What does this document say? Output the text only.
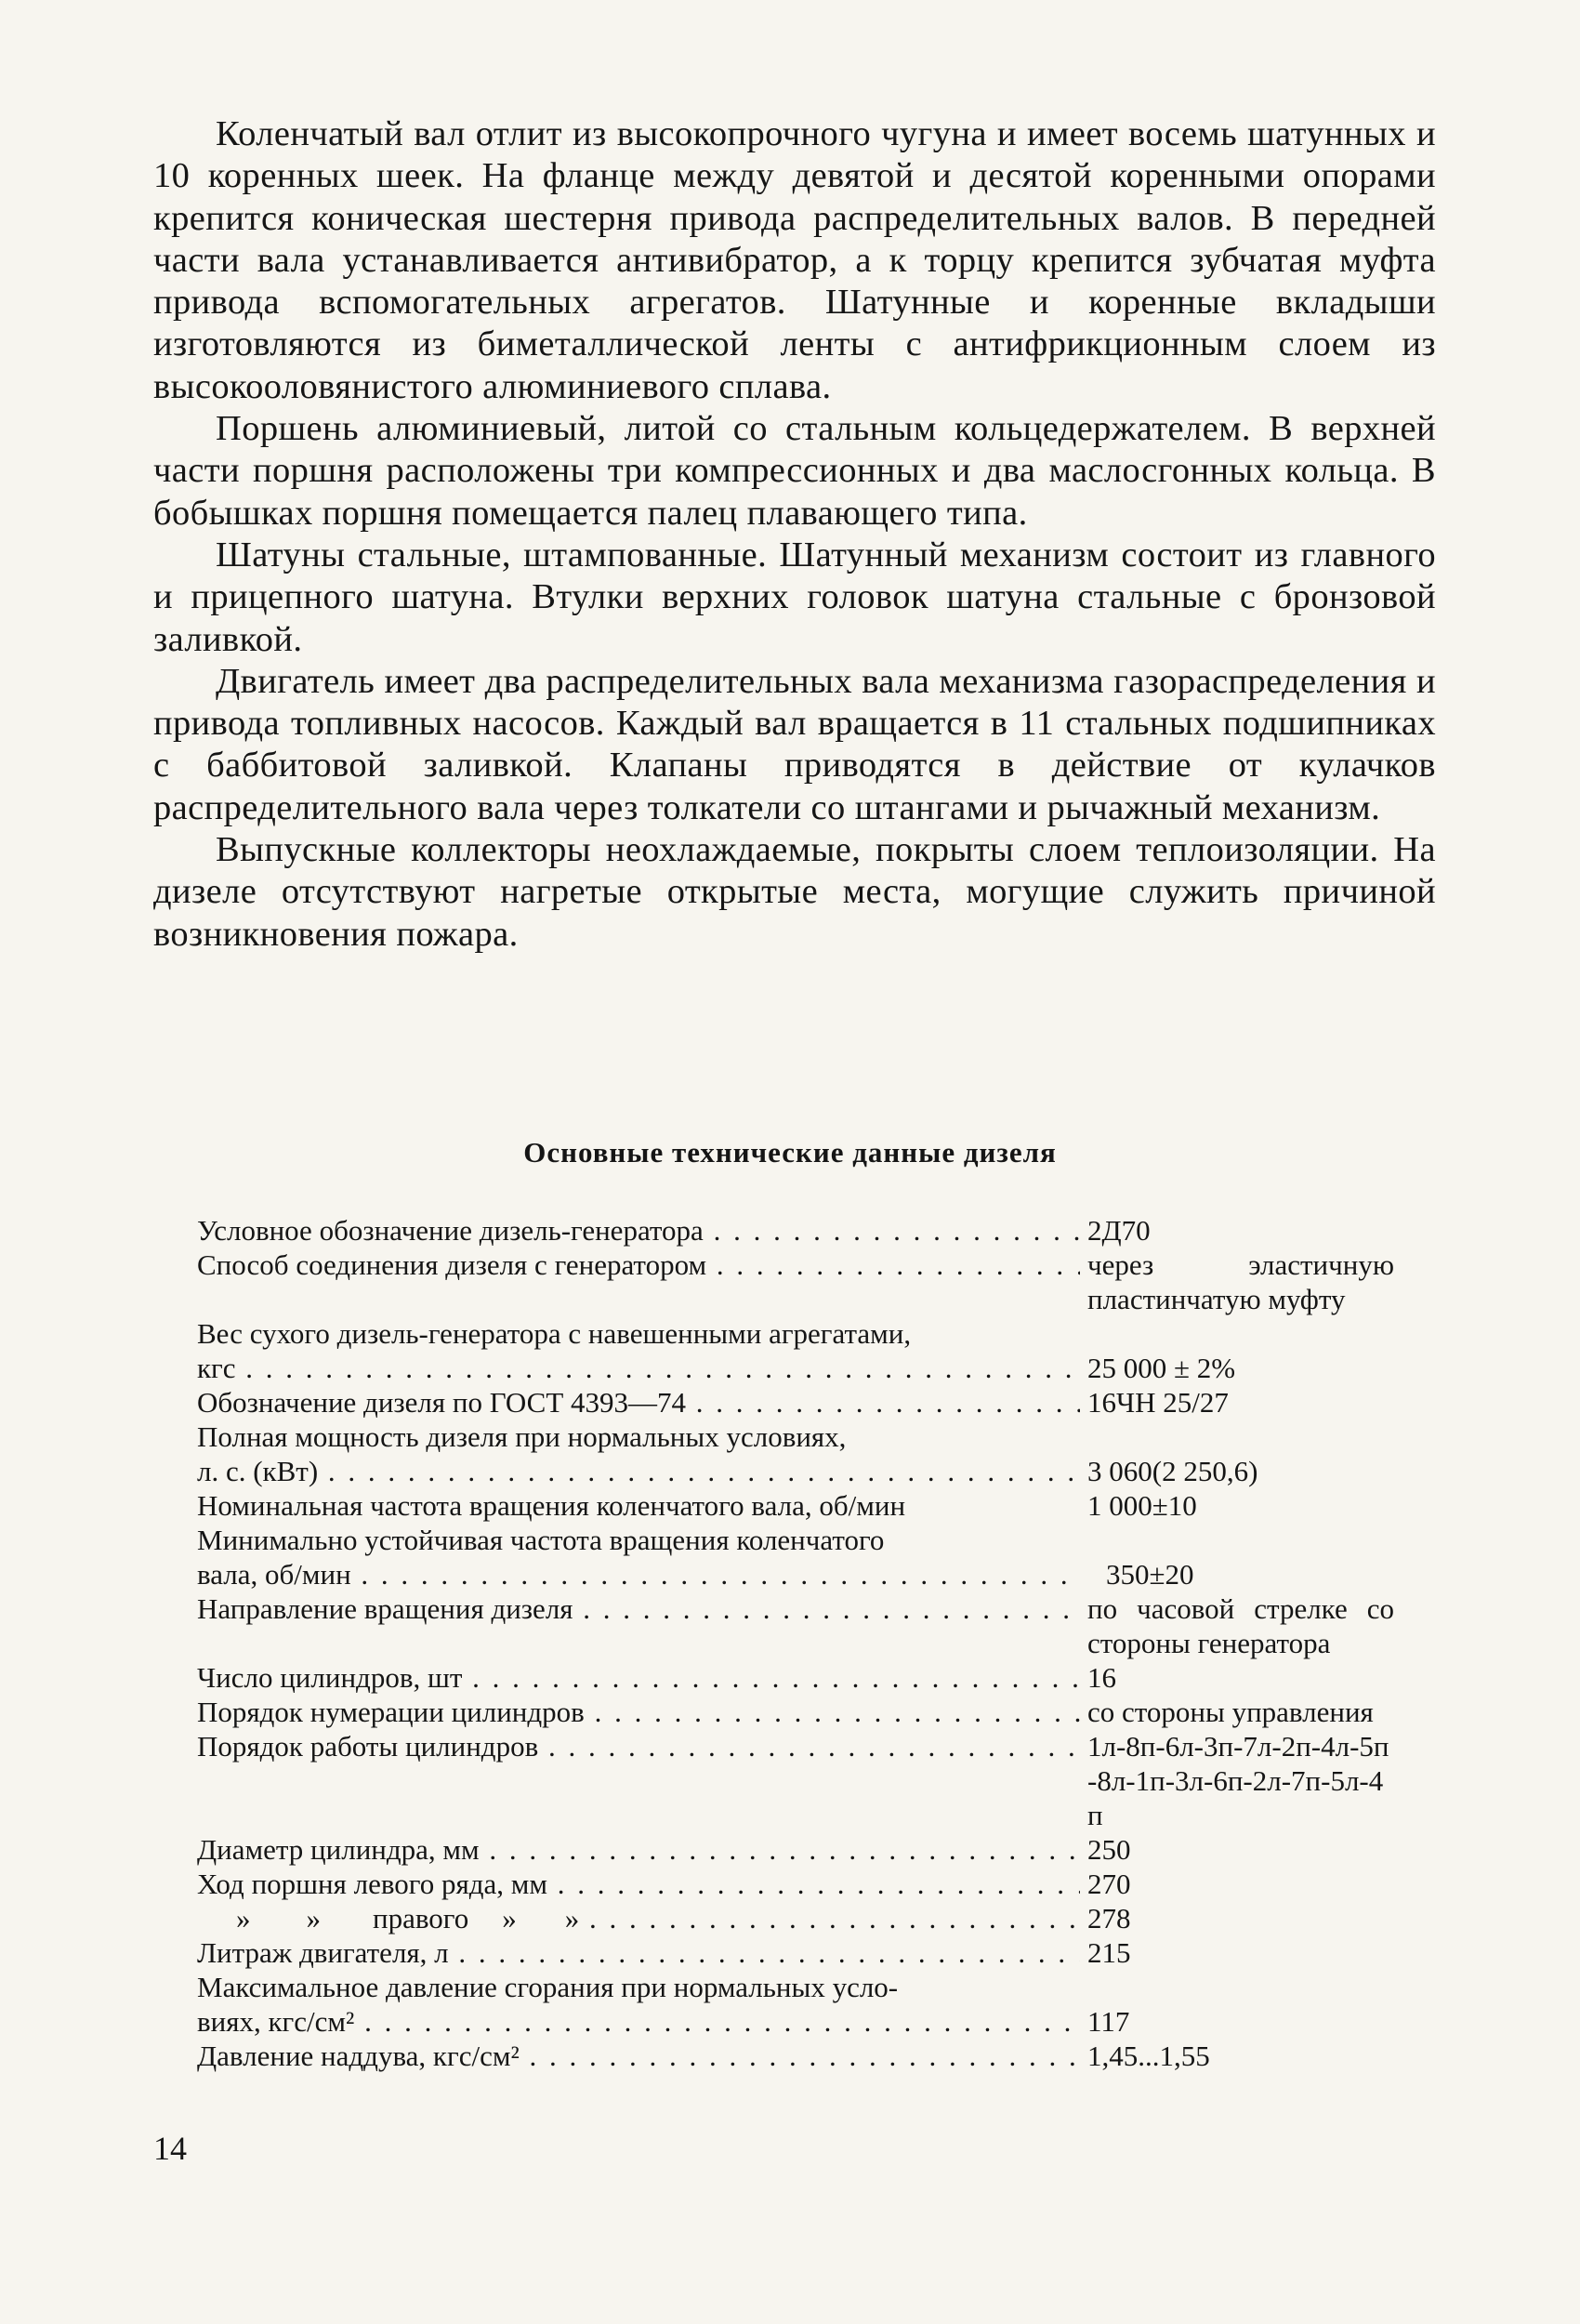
Коленчатый вал отлит из высокопрочного чугуна и имеет восемь шатунных и 10 коренных шеек. На фланце между девятой и десятой коренными опорами крепится коническая шестерня привода распределительных валов. В передней части вала устанавливается антивибратор, а к торцу крепится зубчатая муфта привода вспомогательных агрегатов. Шатунные и коренные вкладыши изготовляются из биметаллической ленты с антифрикционным слоем из высокооловянистого алюминиевого сплава.

Поршень алюминиевый, литой со стальным кольцедержателем. В верхней части поршня расположены три компрессионных и два маслосгонных кольца. В бобышках поршня помещается палец плавающего типа.

Шатуны стальные, штампованные. Шатунный механизм состоит из главного и прицепного шатуна. Втулки верхних головок шатуна стальные с бронзовой заливкой.

Двигатель имеет два распределительных вала механизма газораспределения и привода топливных насосов. Каждый вал вращается в 11 стальных подшипниках с баббитовой заливкой. Клапаны приводятся в действие от кулачков распределительного вала через толкатели со штангами и рычажный механизм.

Выпускные коллекторы неохлаждаемые, покрыты слоем теплоизоляции. На дизеле отсутствуют нагретые открытые места, могущие служить причиной возникновения пожара.

Основные технические данные дизеля
Условное обозначение дизель-генератора . . .	2Д70
Способ соединения дизеля с генератором . . .	через эластичную пластинчатую муфту
Вес сухого дизель-генератора с навешенными агрегатами,
кгс . . .	25 000 ± 2%
Обозначение дизеля по ГОСТ 4393—74 . . .	16ЧН 25/27
Полная мощность дизеля при нормальных условиях,
л. с. (кВт) . . .	3 060(2 250,6)
Номинальная частота вращения коленчатого вала, об/мин	1 000±10
Минимально устойчивая частота вращения коленчатого
вала, об/мин . . .	350±20
Направление вращения дизеля . . .	по часовой стрелке со стороны генератора
Число цилиндров, шт . . .	16
Порядок нумерации цилиндров . . .	со стороны управления
Порядок работы цилиндров . . .	1л-8п-6л-3п-7л-2п-4л-5п-8л-1п-3л-6п-2л-7п-5л-4п
Диаметр цилиндра, мм . . .	250
Ход поршня левого ряда, мм . . .	270
» » правого » » . . .	278
Литраж двигателя, л . . .	215
Максимальное давление сгорания при нормальных усло-
виях, кгс/см² . . .	117
Давление наддува, кгс/см² . . .	1,45...1,55

14
